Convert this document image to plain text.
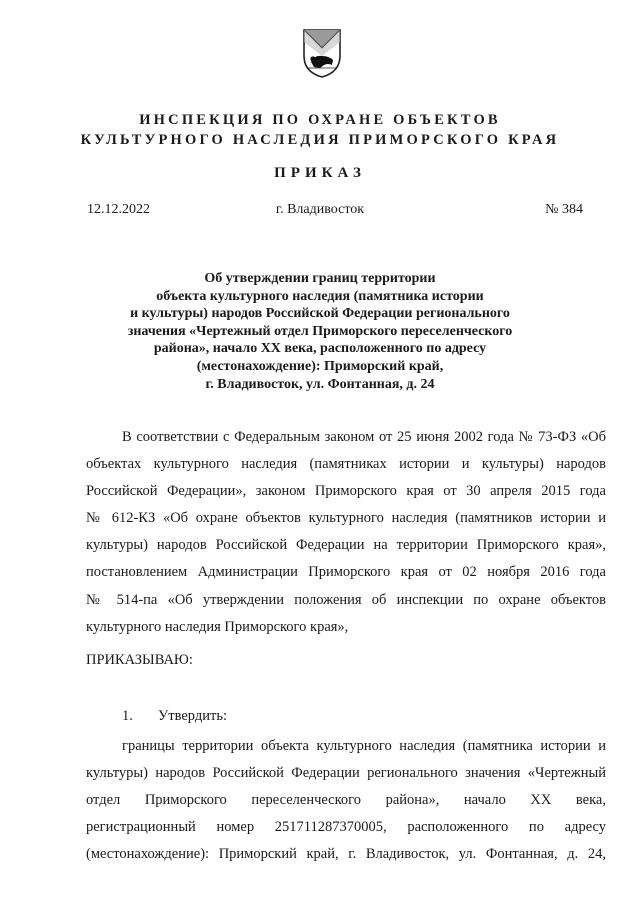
ИНСПЕКЦИЯ ПО ОХРАНЕ ОБЪЕКТОВ
КУЛЬТУРНОГО НАСЛЕДИЯ ПРИМОРСКОГО КРАЯ
ПРИКАЗ
12.12.2022	г. Владивосток	№ 384
Об утверждении границ территории
объекта культурного наследия (памятника истории
и культуры) народов Российской Федерации регионального
значения «Чертежный отдел Приморского переселенческого
района», начало XX века, расположенного по адресу
(местонахождение): Приморский край,
г. Владивосток, ул. Фонтанная, д. 24
В соответствии с Федеральным законом от 25 июня 2002 года № 73-ФЗ «Об
объектах культурного наследия (памятниках истории и культуры) народов
Российской Федерации», законом Приморского края от 30 апреля 2015 года
№ 612-КЗ «Об охране объектов культурного наследия (памятников истории и
культуры) народов Российской Федерации на территории Приморского края»,
постановлением Администрации Приморского края от 02 ноября 2016 года
№ 514-па «Об утверждении положения об инспекции по охране объектов
культурного наследия Приморского края»,
ПРИКАЗЫВАЮ:
1. Утвердить:
границы территории объекта культурного наследия (памятника истории и
культуры) народов Российской Федерации регионального значения «Чертежный
отдел Приморского переселенческого района», начало XX века,
регистрационный номер 251711287370005, расположенного по адресу
(местонахождение): Приморский край, г. Владивосток, ул. Фонтанная, д. 24,
